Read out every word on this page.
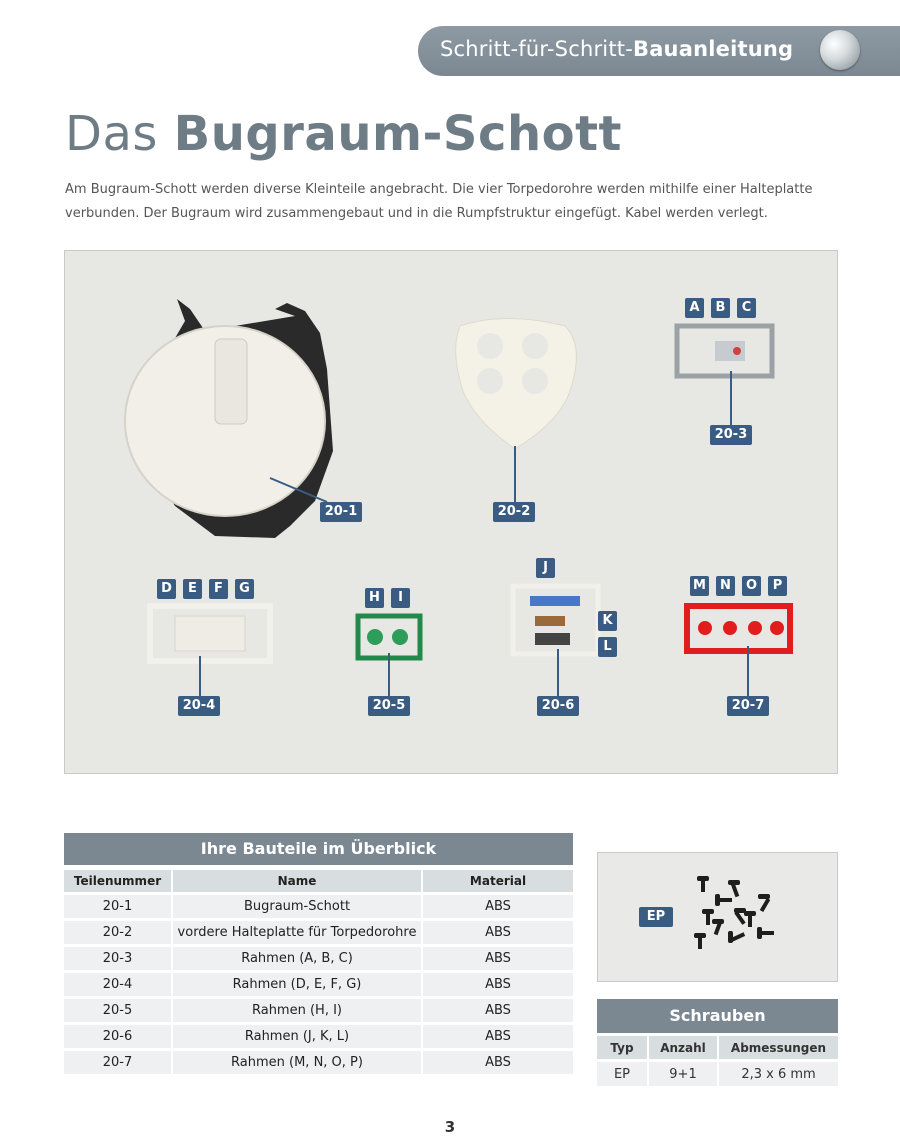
Schritt-für-Schritt-Bauanleitung
Das Bugraum-Schott
Am Bugraum-Schott werden diverse Kleinteile angebracht. Die vier Torpedorohre werden mithilfe einer Halteplatte verbunden. Der Bugraum wird zusammengebaut und in die Rumpfstruktur eingefügt. Kabel werden verlegt.
20-1	20-2
20-3
20-4	20-5	20-6	20-7
A	B	C
D	E	F	G
H	I
J
K
L
M	N	O	P
Ihre Bauteile im Überblick
Teilenummer	Name	Material
20-1	Bugraum-Schott	ABS
20-2	vordere Halteplatte für Torpedorohre	ABS
20-3	Rahmen (A, B, C)	ABS
20-4	Rahmen (D, E, F, G)	ABS
20-5	Rahmen (H, I)	ABS
20-6	Rahmen (J, K, L)	ABS
20-7	Rahmen (M, N, O, P)	ABS
EP
Schrauben
Typ	Anzahl	Abmessungen
EP	9+1	2,3 x 6 mm
3
